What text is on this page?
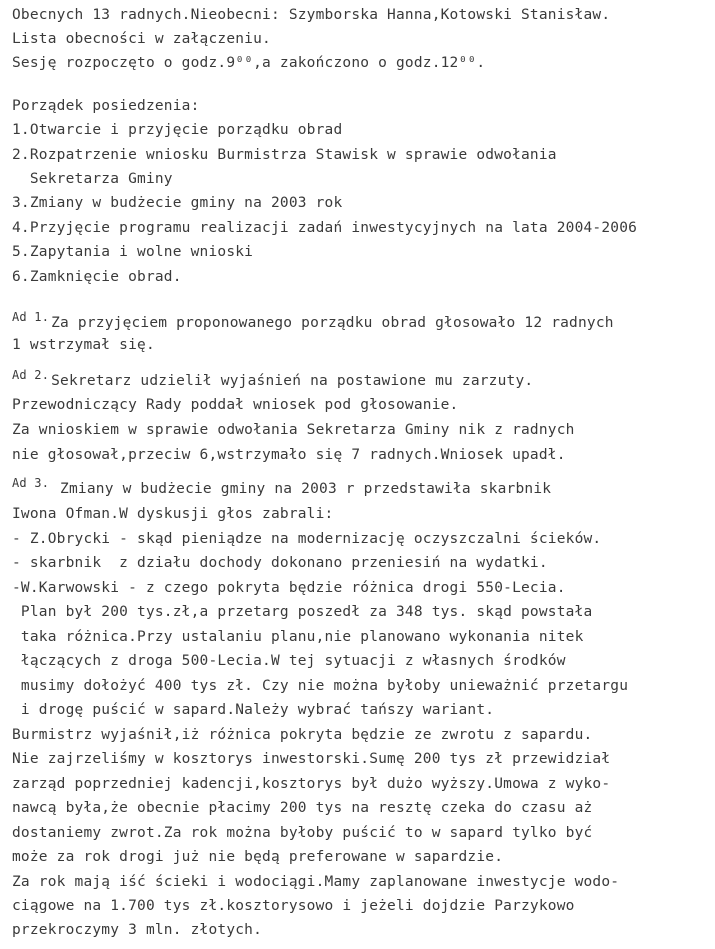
Obecnych 13 radnych.Nieobecni: Szymborska Hanna,Kotowski Stanisław.
Lista obecności w załączeniu.
Sesję rozpoczęto o godz.9⁰⁰,a zakończono o godz.12⁰⁰.
Porządek posiedzenia:
1.Otwarcie i przyjęcie porządku obrad
2.Rozpatrzenie wniosku Burmistrza Stawisk w sprawie odwołania
Sekretarza Gminy
3.Zmiany w budżecie gminy na 2003 rok
4.Przyjęcie programu realizacji zadań inwestycyjnych na lata 2004-2006
5.Zapytania i wolne wnioski
6.Zamknięcie obrad.
$^{Ad 1.}$ Za przyjęciem proponowanego porządku obrad głosowało 12 radnych
1 wstrzymał się.
$^{Ad 2.}$ Sekretarz udzielił wyjaśnień na postawione mu zarzuty.
Przewodniczący Rady poddał wniosek pod głosowanie.
Za wnioskiem w sprawie odwołania Sekretarza Gminy nik z radnych
nie głosował,przeciw 6,wstrzymało się 7 radnych.Wniosek upadł.
$^{Ad 3.}$ Zmiany w budżecie gminy na 2003 r przedstawiła skarbnik
Iwona Ofman.W dyskusji głos zabrali:
- Z.Obrycki - skąd pieniądze na modernizację oczyszczalni ścieków.
- skarbnik  z działu dochody dokonano przeniesiń na wydatki.
-W.Karwowski - z czego pokryta będzie różnica drogi 550-Lecia.
Plan był 200 tys.zł,a przetarg poszedł za 348 tys. skąd powstała
taka różnica.Przy ustalaniu planu,nie planowano wykonania nitek
łączących z droga 500-Lecia.W tej sytuacji z własnych środków
musimy dołożyć 400 tys zł. Czy nie można byłoby unieważnić przetargu
i drogę puścić w sapard.Należy wybrać tańszy wariant.
Burmistrz wyjaśnił,iż różnica pokryta będzie ze zwrotu z sapardu.
Nie zajrzeliśmy w kosztorys inwestorski.Sumę 200 tys zł przewidział
zarząd poprzedniej kadencji,kosztorys był dużo wyższy.Umowa z wyko-
nawcą była,że obecnie płacimy 200 tys na resztę czeka do czasu aż
dostaniemy zwrot.Za rok można byłoby puścić to w sapard tylko być
może za rok drogi już nie będą preferowane w sapardzie.
Za rok mają iść ścieki i wodociągi.Mamy zaplanowane inwestycje wodo-
ciągowe na 1.700 tys zł.kosztorysowo i jeżeli dojdzie Parzykowo
przekroczymy 3 mln. złotych.
